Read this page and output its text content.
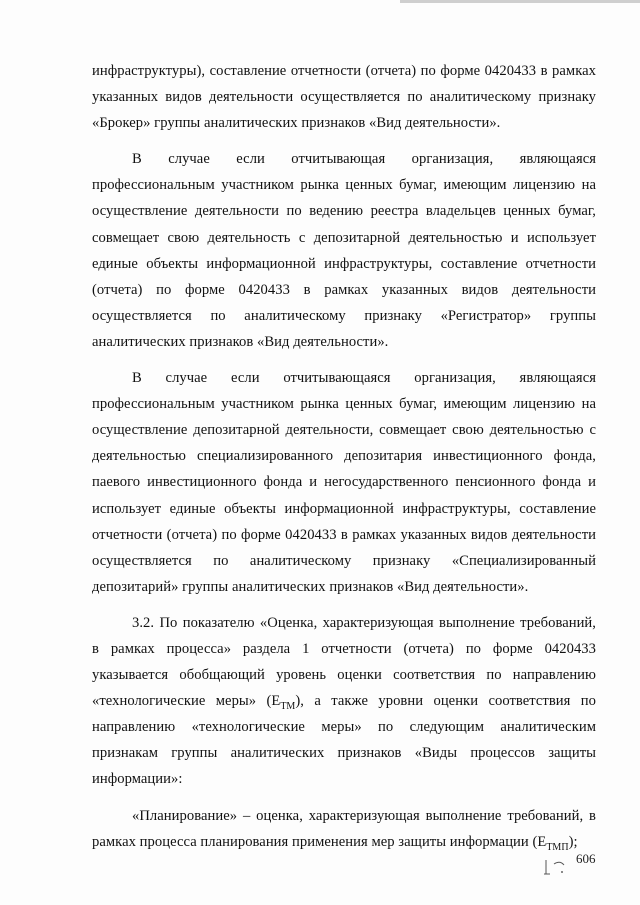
инфраструктуры), составление отчетности (отчета) по форме 0420433 в рамках указанных видов деятельности осуществляется по аналитическому признаку «Брокер» группы аналитических признаков «Вид деятельности».

В случае если отчитывающая организация, являющаяся профессиональным участником рынка ценных бумаг, имеющим лицензию на осуществление деятельности по ведению реестра владельцев ценных бумаг, совмещает свою деятельность с депозитарной деятельностью и использует единые объекты информационной инфраструктуры, составление отчетности (отчета) по форме 0420433 в рамках указанных видов деятельности осуществляется по аналитическому признаку «Регистратор» группы аналитических признаков «Вид деятельности».

В случае если отчитывающаяся организация, являющаяся профессиональным участником рынка ценных бумаг, имеющим лицензию на осуществление депозитарной деятельности, совмещает свою деятельностью с деятельностью специализированного депозитария инвестиционного фонда, паевого инвестиционного фонда и негосударственного пенсионного фонда и использует единые объекты информационной инфраструктуры, составление отчетности (отчета) по форме 0420433 в рамках указанных видов деятельности осуществляется по аналитическому признаку «Специализированный депозитарий» группы аналитических признаков «Вид деятельности».

3.2. По показателю «Оценка, характеризующая выполнение требований, в рамках процесса» раздела 1 отчетности (отчета) по форме 0420433 указывается обобщающий уровень оценки соответствия по направлению «технологические меры» $(E_{ТМ})$, а также уровни оценки соответствия по направлению «технологические меры» по следующим аналитическим признакам группы аналитических признаков «Виды процессов защиты информации»:

«Планирование» – оценка, характеризующая выполнение требований, в рамках процесса планирования применения мер защиты информации $(E_{ТМП})$;

606
